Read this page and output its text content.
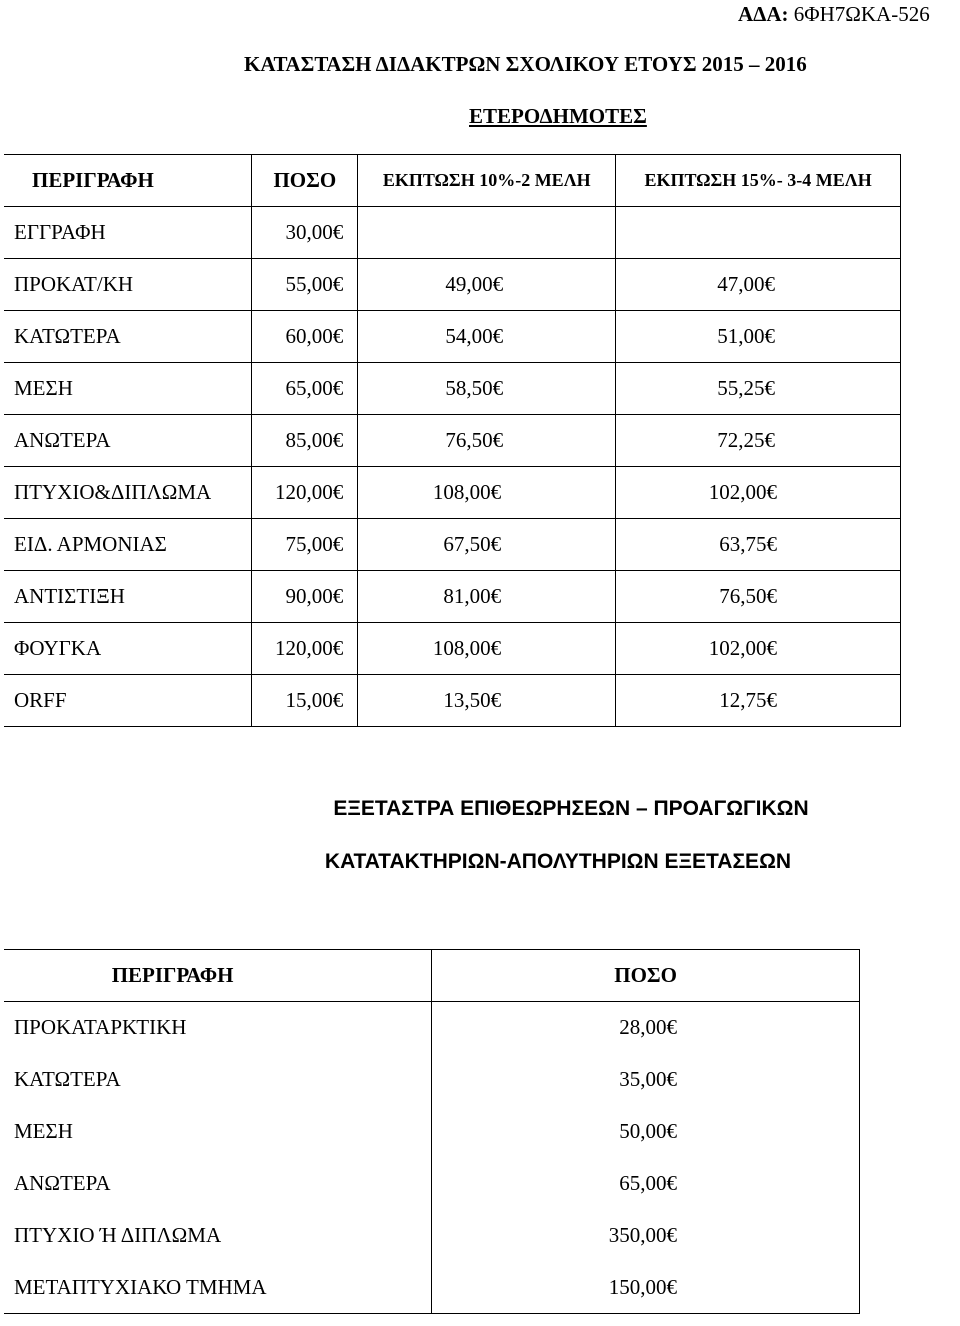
ΑΔΑ: 6ΦΗ7ΩΚΑ-526
ΚΑΤΑΣΤΑΣΗ ΔΙΔΑΚΤΡΩΝ ΣΧΟΛΙΚΟΥ ΕΤΟΥΣ 2015 – 2016
ΕΤΕΡΟΔΗΜΟΤΕΣ
ΠΕΡΙΓΡΑΦΗ	ΠΟΣΟ	ΕΚΠΤΩΣΗ 10%-2 ΜΕΛΗ	ΕΚΠΤΩΣΗ 15%- 3-4 ΜΕΛΗ
ΕΓΓΡΑΦΗ	30,00€		
ΠΡΟΚΑΤ/ΚΗ	55,00€	49,00€	47,00€
ΚΑΤΩΤΕΡΑ	60,00€	54,00€	51,00€
ΜΕΣΗ	65,00€	58,50€	55,25€
ΑΝΩΤΕΡΑ	85,00€	76,50€	72,25€
ΠΤΥΧΙΟ&ΔΙΠΛΩΜΑ	120,00€	108,00€	102,00€
ΕΙΔ. ΑΡΜΟΝΙΑΣ	75,00€	67,50€	63,75€
ΑΝΤΙΣΤΙΞΗ	90,00€	81,00€	76,50€
ΦΟΥΓΚΑ	120,00€	108,00€	102,00€
ORFF	15,00€	13,50€	12,75€
ΕΞΕΤΑΣΤΡΑ ΕΠΙΘΕΩΡΗΣΕΩΝ – ΠΡΟΑΓΩΓΙΚΩΝ
ΚΑΤΑΤΑΚΤΗΡΙΩΝ-ΑΠΟΛΥΤΗΡΙΩΝ ΕΞΕΤΑΣΕΩΝ
ΠΕΡΙΓΡΑΦΗ	ΠΟΣΟ
ΠΡΟΚΑΤΑΡΚΤΙΚΗ	28,00€
ΚΑΤΩΤΕΡΑ	35,00€
ΜΕΣΗ	50,00€
ΑΝΩΤΕΡΑ	65,00€
ΠΤΥΧΙΟ Ή ΔΙΠΛΩΜΑ	350,00€
ΜΕΤΑΠΤΥΧΙΑΚΟ ΤΜΗΜΑ	150,00€
